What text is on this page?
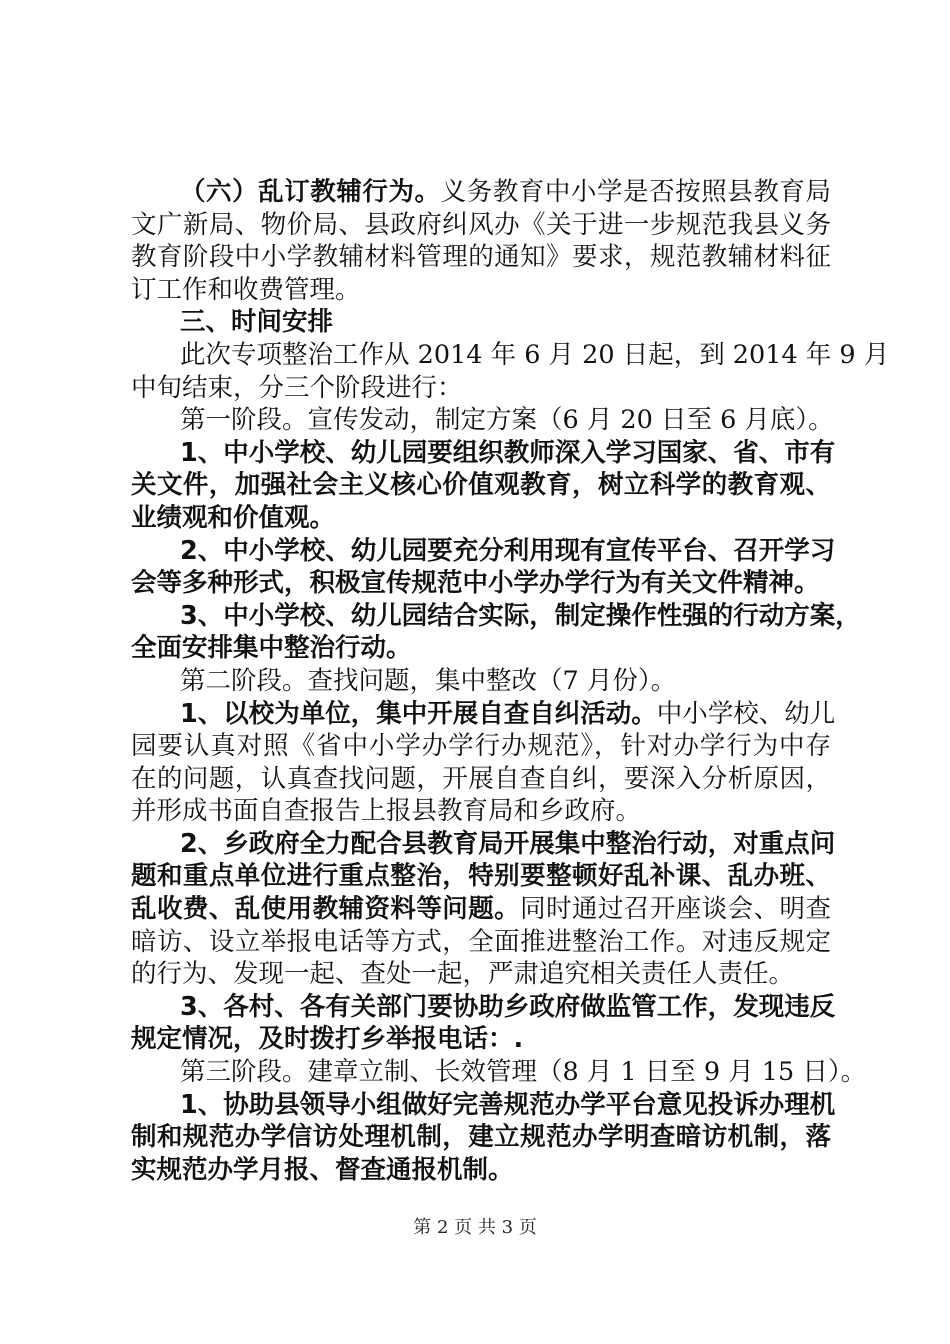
（六）乱订教辅行为。义务教育中小学是否按照县教育局
文广新局、物价局、县政府纠风办《关于进一步规范我县义务
教育阶段中小学教辅材料管理的通知》要求，规范教辅材料征
订工作和收费管理。
三、时间安排
此次专项整治工作从 2014 年 6 月 20 日起，到 2014 年 9 月
中旬结束，分三个阶段进行：
第一阶段。宣传发动，制定方案（6 月 20 日至 6 月底）。
1、中小学校、幼儿园要组织教师深入学习国家、省、市有
关文件，加强社会主义核心价值观教育，树立科学的教育观、
业绩观和价值观。
2、中小学校、幼儿园要充分利用现有宣传平台、召开学习
会等多种形式，积极宣传规范中小学办学行为有关文件精神。
3、中小学校、幼儿园结合实际，制定操作性强的行动方案，
全面安排集中整治行动。
第二阶段。查找问题，集中整改（7 月份）。
1、以校为单位，集中开展自查自纠活动。中小学校、幼儿
园要认真对照《省中小学办学行办规范》，针对办学行为中存
在的问题，认真查找问题，开展自查自纠，要深入分析原因，
并形成书面自查报告上报县教育局和乡政府。
2、乡政府全力配合县教育局开展集中整治行动，对重点问
题和重点单位进行重点整治，特别要整顿好乱补课、乱办班、
乱收费、乱使用教辅资料等问题。同时通过召开座谈会、明查
暗访、设立举报电话等方式，全面推进整治工作。对违反规定
的行为、发现一起、查处一起，严肃追究相关责任人责任。
3、各村、各有关部门要协助乡政府做监管工作，发现违反
规定情况，及时拨打乡举报电话：.
第三阶段。建章立制、长效管理（8 月 1 日至 9 月 15 日）。
1、协助县领导小组做好完善规范办学平台意见投诉办理机
制和规范办学信访处理机制，建立规范办学明查暗访机制，落
实规范办学月报、督查通报机制。
第 2 页 共 3 页
